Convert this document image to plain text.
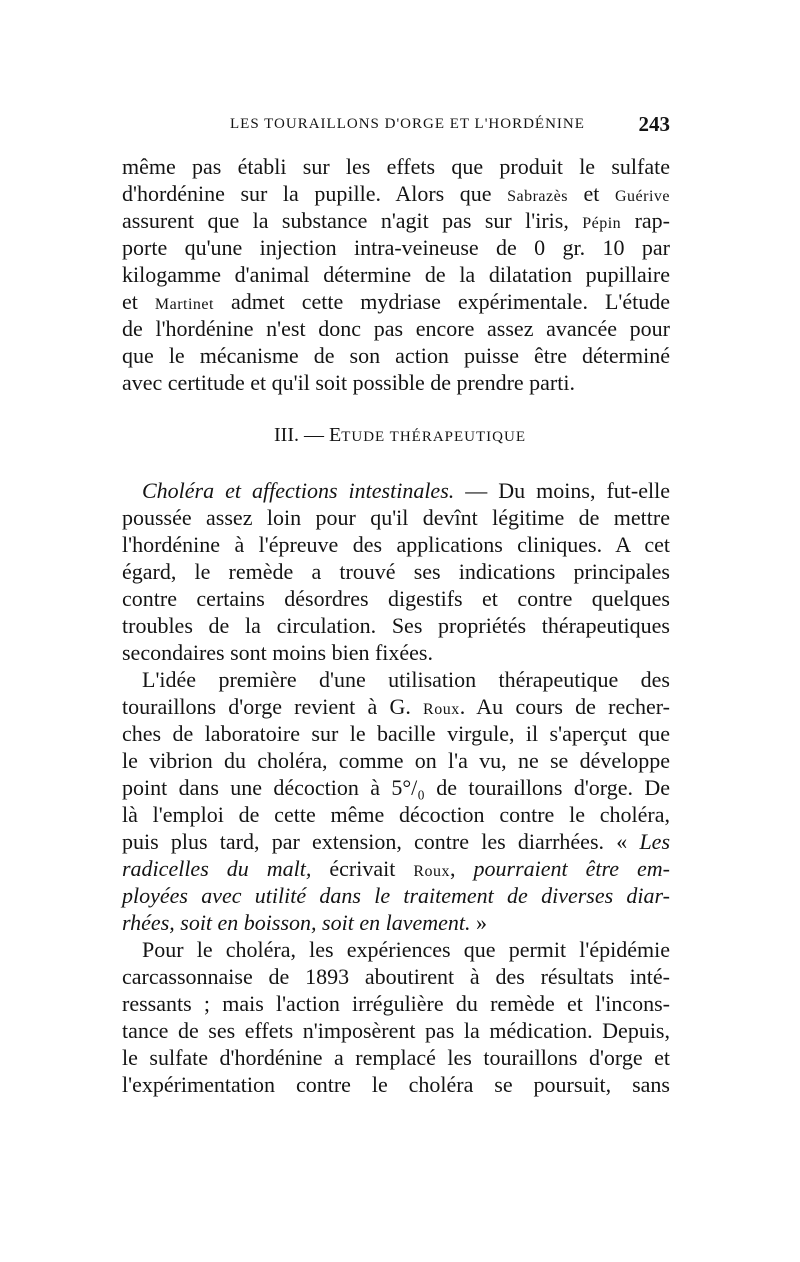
LES TOURAILLONS D'ORGE ET L'HORDÉNINE	243
même pas établi sur les effets que produit le sulfate
d'hordénine sur la pupille. Alors que Sabrazès et Guérive
assurent que la substance n'agit pas sur l'iris, Pépin rap-
porte qu'une injection intra-veineuse de 0 gr. 10 par
kilogamme d'animal détermine de la dilatation pupillaire
et Martinet admet cette mydriase expérimentale. L'étude
de l'hordénine n'est donc pas encore assez avancée pour
que le mécanisme de son action puisse être déterminé
avec certitude et qu'il soit possible de prendre parti.
III. — ETUDE THÉRAPEUTIQUE
Choléra et affections intestinales. — Du moins, fut-elle
poussée assez loin pour qu'il devînt légitime de mettre
l'hordénine à l'épreuve des applications cliniques. A cet
égard, le remède a trouvé ses indications principales
contre certains désordres digestifs et contre quelques
troubles de la circulation. Ses propriétés thérapeutiques
secondaires sont moins bien fixées.
L'idée première d'une utilisation thérapeutique des
touraillons d'orge revient à G. Roux. Au cours de recher-
ches de laboratoire sur le bacille virgule, il s'aperçut que
le vibrion du choléra, comme on l'a vu, ne se développe
point dans une décoction à 5°/₀ de touraillons d'orge. De
là l'emploi de cette même décoction contre le choléra,
puis plus tard, par extension, contre les diarrhées. « Les
radicelles du malt, écrivait Roux, pourraient être em-
ployées avec utilité dans le traitement de diverses diar-
rhées, soit en boisson, soit en lavement. »
Pour le choléra, les expériences que permit l'épidémie
carcassonnaise de 1893 aboutirent à des résultats inté-
ressants ; mais l'action irrégulière du remède et l'incons-
tance de ses effets n'imposèrent pas la médication. Depuis,
le sulfate d'hordénine a remplacé les touraillons d'orge et
l'expérimentation contre le choléra se poursuit, sans
